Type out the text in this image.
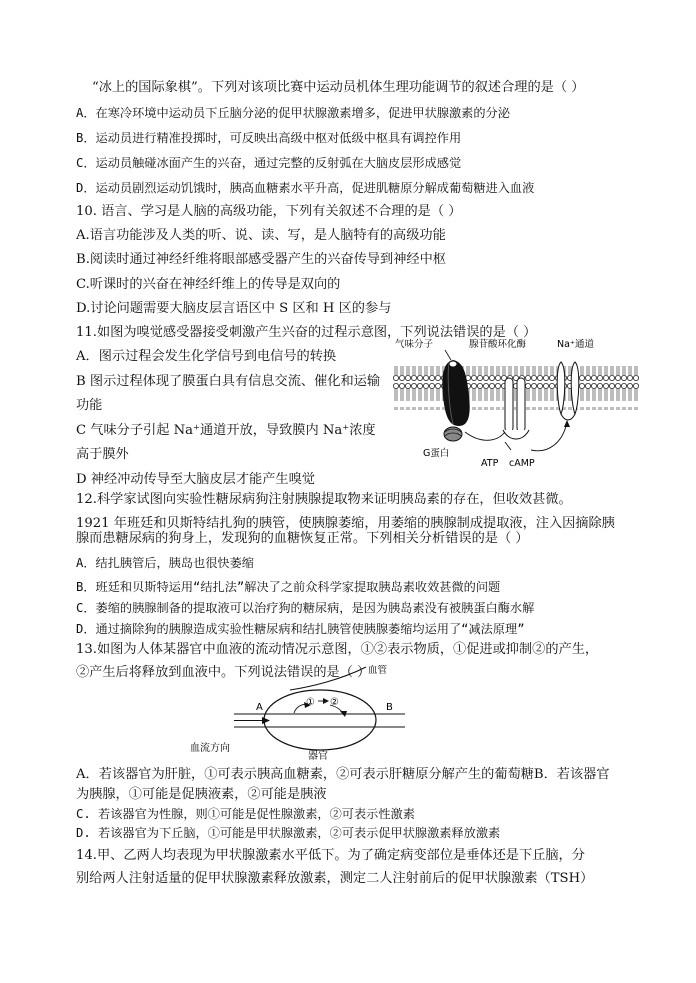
“冰上的国际象棋”。下列对该项比赛中运动员机体生理功能调节的叙述合理的是（ ）
A．在寒冷环境中运动员下丘脑分泌的促甲状腺激素增多，促进甲状腺激素的分泌
B．运动员进行精准投掷时，可反映出高级中枢对低级中枢具有调控作用
C．运动员触碰冰面产生的兴奋，通过完整的反射弧在大脑皮层形成感觉
D．运动员剧烈运动饥饿时，胰高血糖素水平升高，促进肌糖原分解成葡萄糖进入血液
10. 语言、学习是人脑的高级功能，下列有关叙述不合理的是（ ）
A.语言功能涉及人类的听、说、读、写，是人脑特有的高级功能
B.阅读时通过神经纤维将眼部感受器产生的兴奋传导到神经中枢
C.听课时的兴奋在神经纤维上的传导是双向的
D.讨论问题需要大脑皮层言语区中 S 区和 H 区的参与
11.如图为嗅觉感受器接受刺激产生兴奋的过程示意图，下列说法错误的是（ ）

A．图示过程会发生化学信号到电信号的转换

B 图示过程体现了膜蛋白具有信息交流、催化和运输功能

C 气味分子引起 Na⁺通道开放，导致膜内 Na⁺浓度高于膜外

D 神经冲动传导至大脑皮层才能产生嗅觉

气味分子	腺苷酸环化酶	Na⁺通道
G蛋白
ATP cAMP
12.科学家试图向实验性糖尿病狗注射胰腺提取物来证明胰岛素的存在，但收效甚微。
1921 年班廷和贝斯特结扎狗的胰管，使胰腺萎缩，用萎缩的胰腺制成提取液，注入因摘除胰
腺而患糖尿病的狗身上，发现狗的血糖恢复正常。下列相关分析错误的是（ ）
A．结扎胰管后，胰岛也很快萎缩
B．班廷和贝斯特运用“结扎法”解决了之前众科学家提取胰岛素收效甚微的问题
C．萎缩的胰腺制备的提取液可以治疗狗的糖尿病，是因为胰岛素没有被胰蛋白酶水解
D．通过摘除狗的胰腺造成实验性糖尿病和结扎胰管使胰腺萎缩均运用了“减法原理”
13.如图为人体某器官中血液的流动情况示意图，①②表示物质，①促进或抑制②的产生，
②产生后将释放到血液中。下列说法错误的是（ ）
血管
A	B
① ②
血流方向
器官
A．若该器官为肝脏，①可表示胰高血糖素，②可表示肝糖原分解产生的葡萄糖B．若该器官
为胰腺，①可能是促胰液素，②可能是胰液
C. 若该器官为性腺，则①可能是促性腺激素，②可表示性激素
D. 若该器官为下丘脑，①可能是甲状腺激素，②可表示促甲状腺激素释放激素
14.甲、乙两人均表现为甲状腺激素水平低下。为了确定病变部位是垂体还是下丘脑，分
别给两人注射适量的促甲状腺激素释放激素，测定二人注射前后的促甲状腺激素（TSH）
